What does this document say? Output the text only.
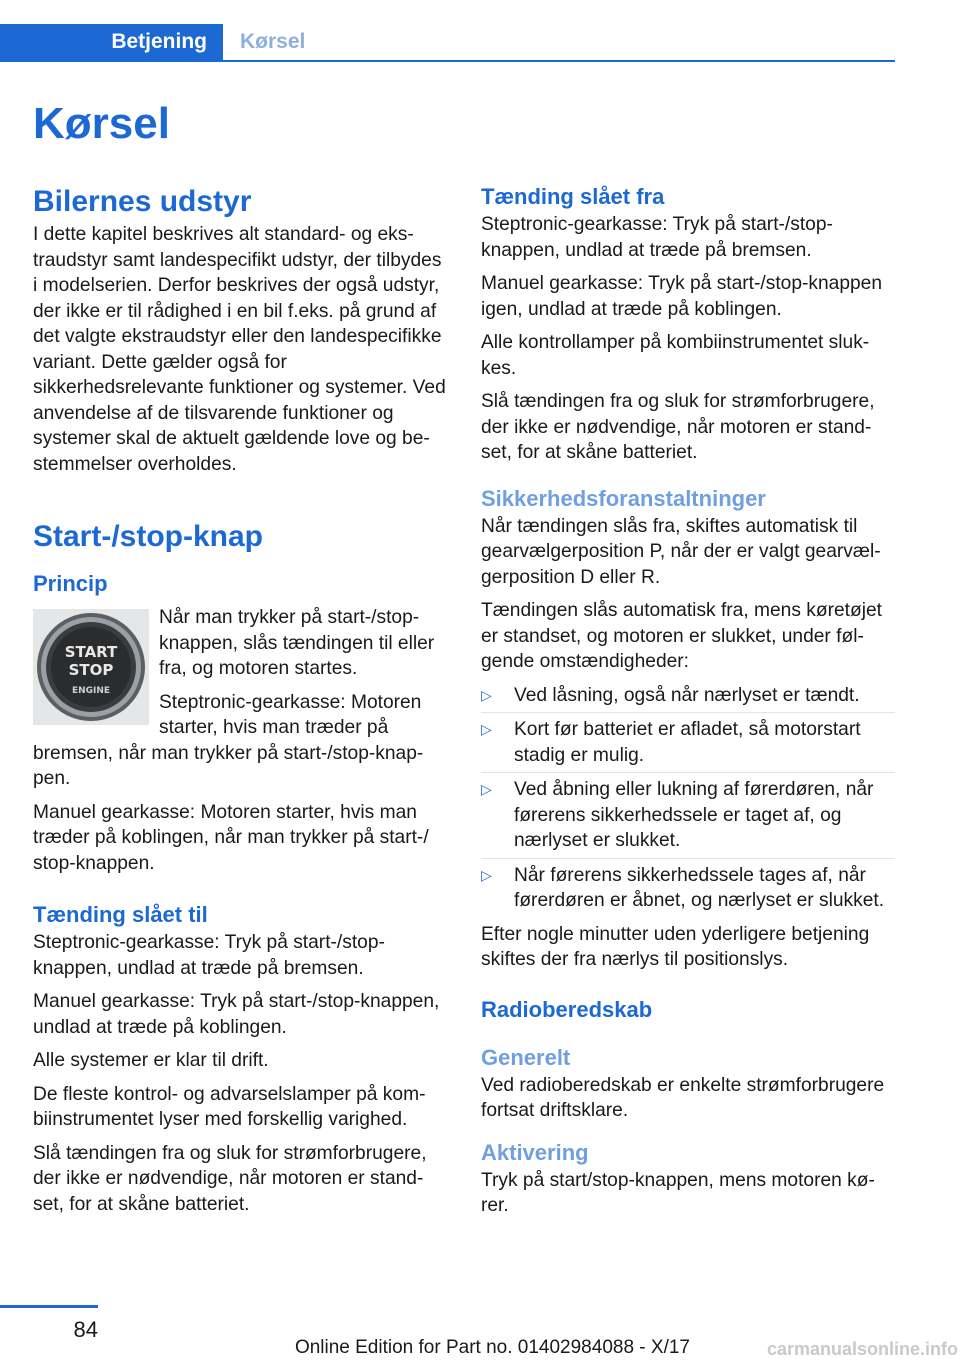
Betjening	Kørsel
Kørsel
Bilernes udstyr

I dette kapitel beskrives alt standard- og ekstraudstyr samt landespecifikt udstyr, der tilbydes i modelserien. Derfor beskrives der også udstyr, der ikke er til rådighed i en bil f.eks. på grund af det valgte ekstraudstyr eller den landespecifikke variant. Dette gælder også for sikkerhedsrelevante funktioner og systemer. Ved anvendelse af de tilsvarende funktioner og systemer skal de aktuelt gældende love og bestemmelser overholdes.

Start-/stop-knap
Princip
START
STOP
ENGINE

Når man trykker på start-/stop-knappen, slås tændingen til eller fra, og motoren startes.

Steptronic-gearkasse: Motoren starter, hvis man træder på bremsen, når man trykker på start-/stop-knappen.

Manuel gearkasse: Motoren starter, hvis man træder på koblingen, når man trykker på start-/ stop-knappen.

Tænding slået til

Steptronic-gearkasse: Tryk på start-/stop-knappen, undlad at træde på bremsen.

Manuel gearkasse: Tryk på start-/stop-knappen, undlad at træde på koblingen.

Alle systemer er klar til drift.

De fleste kontrol- og advarselslamper på kombiinstrumentet lyser med forskellig varighed.

Slå tændingen fra og sluk for strømforbrugere, der ikke er nødvendige, når motoren er standset, for at skåne batteriet.

Tænding slået fra

Steptronic-gearkasse: Tryk på start-/stop-knappen, undlad at træde på bremsen.

Manuel gearkasse: Tryk på start-/stop-knappen igen, undlad at træde på koblingen.

Alle kontrollamper på kombiinstrumentet slukkes.

Slå tændingen fra og sluk for strømforbrugere, der ikke er nødvendige, når motoren er standset, for at skåne batteriet.

Sikkerhedsforanstaltninger

Når tændingen slås fra, skiftes automatisk til gearvælgerposition P, når der er valgt gearvælgerposition D eller R.

Tændingen slås automatisk fra, mens køretøjet er standset, og motoren er slukket, under følgende omstændigheder:

▷ Ved låsning, også når nærlyset er tændt.
▷ Kort før batteriet er afladet, så motorstart stadig er mulig.
▷ Ved åbning eller lukning af førerdøren, når førerens sikkerhedssele er taget af, og nærlyset er slukket.
▷ Når førerens sikkerhedssele tages af, når førerdøren er åbnet, og nærlyset er slukket.

Efter nogle minutter uden yderligere betjening skiftes der fra nærlys til positionslys.

Radioberedskab
Generelt

Ved radioberedskab er enkelte strømforbrugere fortsat driftsklare.

Aktivering

Tryk på start/stop-knappen, mens motoren kører.

84
Online Edition for Part no. 01402984088 - X/17	carmanualsonline.info
